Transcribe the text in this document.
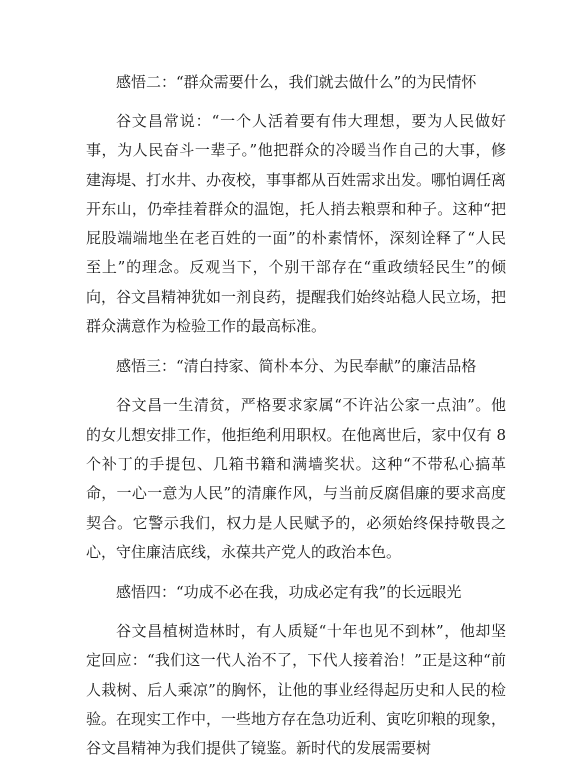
感悟二：“群众需要什么，我们就去做什么”的为民情怀

谷文昌常说：“一个人活着要有伟大理想，要为人民做好事，为人民奋斗一辈子。”他把群众的冷暖当作自己的大事，修建海堤、打水井、办夜校，事事都从百姓需求出发。哪怕调任离开东山，仍牵挂着群众的温饱，托人捎去粮票和种子。这种“把屁股端端地坐在老百姓的一面”的朴素情怀，深刻诠释了“人民至上”的理念。反观当下，个别干部存在“重政绩轻民生”的倾向，谷文昌精神犹如一剂良药，提醒我们始终站稳人民立场，把群众满意作为检验工作的最高标准。

感悟三：“清白持家、简朴本分、为民奉献”的廉洁品格

谷文昌一生清贫，严格要求家属“不许沾公家一点油”。他的女儿想安排工作，他拒绝利用职权。在他离世后，家中仅有 8 个补丁的手提包、几箱书籍和满墙奖状。这种“不带私心搞革命，一心一意为人民”的清廉作风，与当前反腐倡廉的要求高度契合。它警示我们，权力是人民赋予的，必须始终保持敬畏之心，守住廉洁底线，永葆共产党人的政治本色。

感悟四：“功成不必在我，功成必定有我”的长远眼光

谷文昌植树造林时，有人质疑“十年也见不到林”，他却坚定回应：“我们这一代人治不了，下代人接着治！”正是这种“前人栽树、后人乘凉”的胸怀，让他的事业经得起历史和人民的检验。在现实工作中，一些地方存在急功近利、寅吃卯粮的现象，谷文昌精神为我们提供了镜鉴。新时代的发展需要树
